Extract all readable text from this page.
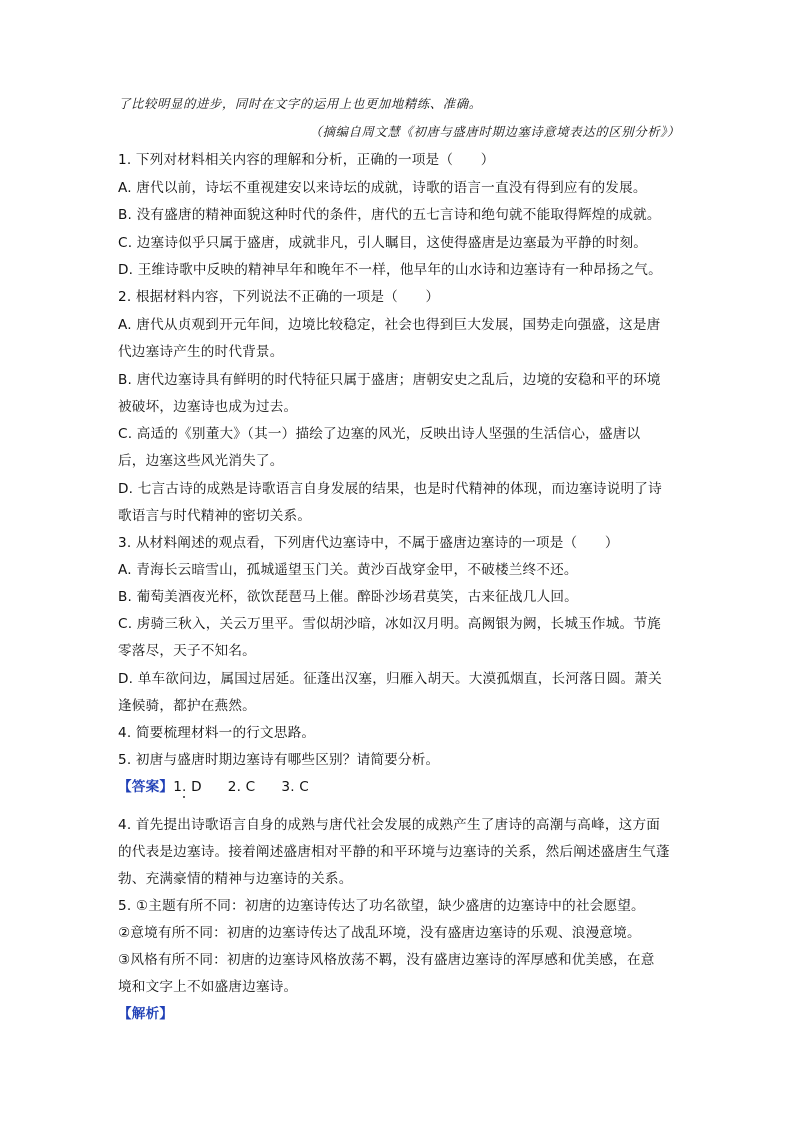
了比较明显的进步，同时在文字的运用上也更加地精练、准确。
（摘编自周文慧《初唐与盛唐时期边塞诗意境表达的区别分析》）
1. 下列对材料相关内容的理解和分析，正确的一项是（　　）
A. 唐代以前，诗坛不重视建安以来诗坛的成就，诗歌的语言一直没有得到应有的发展。
B. 没有盛唐的精神面貌这种时代的条件，唐代的五七言诗和绝句就不能取得辉煌的成就。
C. 边塞诗似乎只属于盛唐，成就非凡，引人瞩目，这使得盛唐是边塞最为平静的时刻。
D. 王维诗歌中反映的精神早年和晚年不一样，他早年的山水诗和边塞诗有一种昂扬之气。
2. 根据材料内容，下列说法不正确的一项是（　　）
A. 唐代从贞观到开元年间，边境比较稳定，社会也得到巨大发展，国势走向强盛，这是唐
代边塞诗产生的时代背景。
B. 唐代边塞诗具有鲜明的时代特征只属于盛唐；唐朝安史之乱后，边境的安稳和平的环境
被破坏，边塞诗也成为过去。
C. 高适的《别董大》（其一）描绘了边塞的风光，反映出诗人坚强的生活信心，盛唐以
后，边塞这些风光消失了。
D. 七言古诗的成熟是诗歌语言自身发展的结果，也是时代精神的体现，而边塞诗说明了诗
歌语言与时代精神的密切关系。
3. 从材料阐述的观点看，下列唐代边塞诗中，不属于盛唐边塞诗的一项是（　　）
A. 青海长云暗雪山，孤城遥望玉门关。黄沙百战穿金甲，不破楼兰终不还。
B. 葡萄美酒夜光杯，欲饮琵琶马上催。醉卧沙场君莫笑，古来征战几人回。
C. 虏骑三秋入，关云万里平。雪似胡沙暗，冰如汉月明。高阙银为阙，长城玉作城。节旄
零落尽，天子不知名。
D. 单车欲问边，属国过居延。征蓬出汉塞，归雁入胡天。大漠孤烟直，长河落日圆。萧关
逢候骑，都护在燕然。
4. 简要梳理材料一的行文思路。
5. 初唐与盛唐时期边塞诗有哪些区别？请简要分析。
【答案】1. D 2. C 3. C
4. 首先提出诗歌语言自身的成熟与唐代社会发展的成熟产生了唐诗的高潮与高峰，这方面
的代表是边塞诗。接着阐述盛唐相对平静的和平环境与边塞诗的关系，然后阐述盛唐生气蓬
勃、充满豪情的精神与边塞诗的关系。
5. ①主题有所不同：初唐的边塞诗传达了功名欲望，缺少盛唐的边塞诗中的社会愿望。
②意境有所不同：初唐的边塞诗传达了战乱环境，没有盛唐边塞诗的乐观、浪漫意境。
③风格有所不同：初唐的边塞诗风格放荡不羁，没有盛唐边塞诗的浑厚感和优美感，在意
境和文字上不如盛唐边塞诗。
【解析】
